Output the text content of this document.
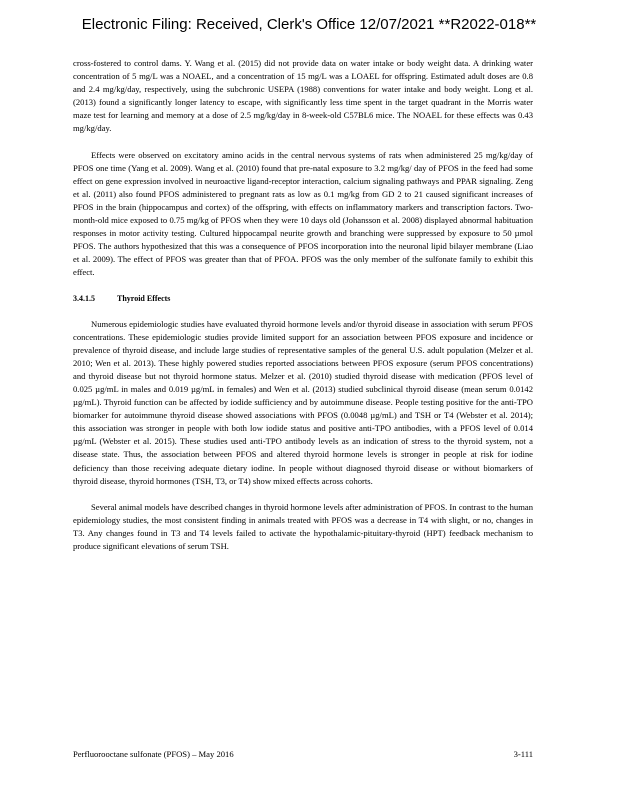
Electronic Filing: Received, Clerk's Office 12/07/2021 **R2022-018**

cross-fostered to control dams. Y. Wang et al. (2015) did not provide data on water intake or body weight data. A drinking water concentration of 5 mg/L was a NOAEL, and a concentration of 15 mg/L was a LOAEL for offspring. Estimated adult doses are 0.8 and 2.4 mg/kg/day, respectively, using the subchronic USEPA (1988) conventions for water intake and body weight. Long et al. (2013) found a significantly longer latency to escape, with significantly less time spent in the target quadrant in the Morris water maze test for learning and memory at a dose of 2.5 mg/kg/day in 8-week-old C57BL6 mice. The NOAEL for these effects was 0.43 mg/kg/day.

Effects were observed on excitatory amino acids in the central nervous systems of rats when administered 25 mg/kg/day of PFOS one time (Yang et al. 2009). Wang et al. (2010) found that pre-natal exposure to 3.2 mg/kg/ day of PFOS in the feed had some effect on gene expression involved in neuroactive ligand-receptor interaction, calcium signaling pathways and PPAR signaling. Zeng et al. (2011) also found PFOS administered to pregnant rats as low as 0.1 mg/kg from GD 2 to 21 caused significant increases of PFOS in the brain (hippocampus and cortex) of the offspring, with effects on inflammatory markers and transcription factors. Two-month-old mice exposed to 0.75 mg/kg of PFOS when they were 10 days old (Johansson et al. 2008) displayed abnormal habituation responses in motor activity testing. Cultured hippocampal neurite growth and branching were suppressed by exposure to 50 µmol PFOS. The authors hypothesized that this was a consequence of PFOS incorporation into the neuronal lipid bilayer membrane (Liao et al. 2009). The effect of PFOS was greater than that of PFOA. PFOS was the only member of the sulfonate family to exhibit this effect.

3.4.1.5	Thyroid Effects

Numerous epidemiologic studies have evaluated thyroid hormone levels and/or thyroid disease in association with serum PFOS concentrations. These epidemiologic studies provide limited support for an association between PFOS exposure and incidence or prevalence of thyroid disease, and include large studies of representative samples of the general U.S. adult population (Melzer et al. 2010; Wen et al. 2013). These highly powered studies reported associations between PFOS exposure (serum PFOS concentrations) and thyroid disease but not thyroid hormone status. Melzer et al. (2010) studied thyroid disease with medication (PFOS level of 0.025 µg/mL in males and 0.019 µg/mL in females) and Wen et al. (2013) studied subclinical thyroid disease (mean serum 0.0142 µg/mL). Thyroid function can be affected by iodide sufficiency and by autoimmune disease. People testing positive for the anti-TPO biomarker for autoimmune thyroid disease showed associations with PFOS (0.0048 µg/mL) and TSH or T4 (Webster et al. 2014); this association was stronger in people with both low iodide status and positive anti-TPO antibodies, with a PFOS level of 0.014 µg/mL (Webster et al. 2015). These studies used anti-TPO antibody levels as an indication of stress to the thyroid system, not a disease state. Thus, the association between PFOS and altered thyroid hormone levels is stronger in people at risk for iodine deficiency than those receiving adequate dietary iodine. In people without diagnosed thyroid disease or without biomarkers of thyroid disease, thyroid hormones (TSH, T3, or T4) show mixed effects across cohorts.

Several animal models have described changes in thyroid hormone levels after administration of PFOS. In contrast to the human epidemiology studies, the most consistent finding in animals treated with PFOS was a decrease in T4 with slight, or no, changes in T3. Any changes found in T3 and T4 levels failed to activate the hypothalamic-pituitary-thyroid (HPT) feedback mechanism to produce significant elevations of serum TSH.

Perfluorooctane sulfonate (PFOS) – May 2016	3-111
